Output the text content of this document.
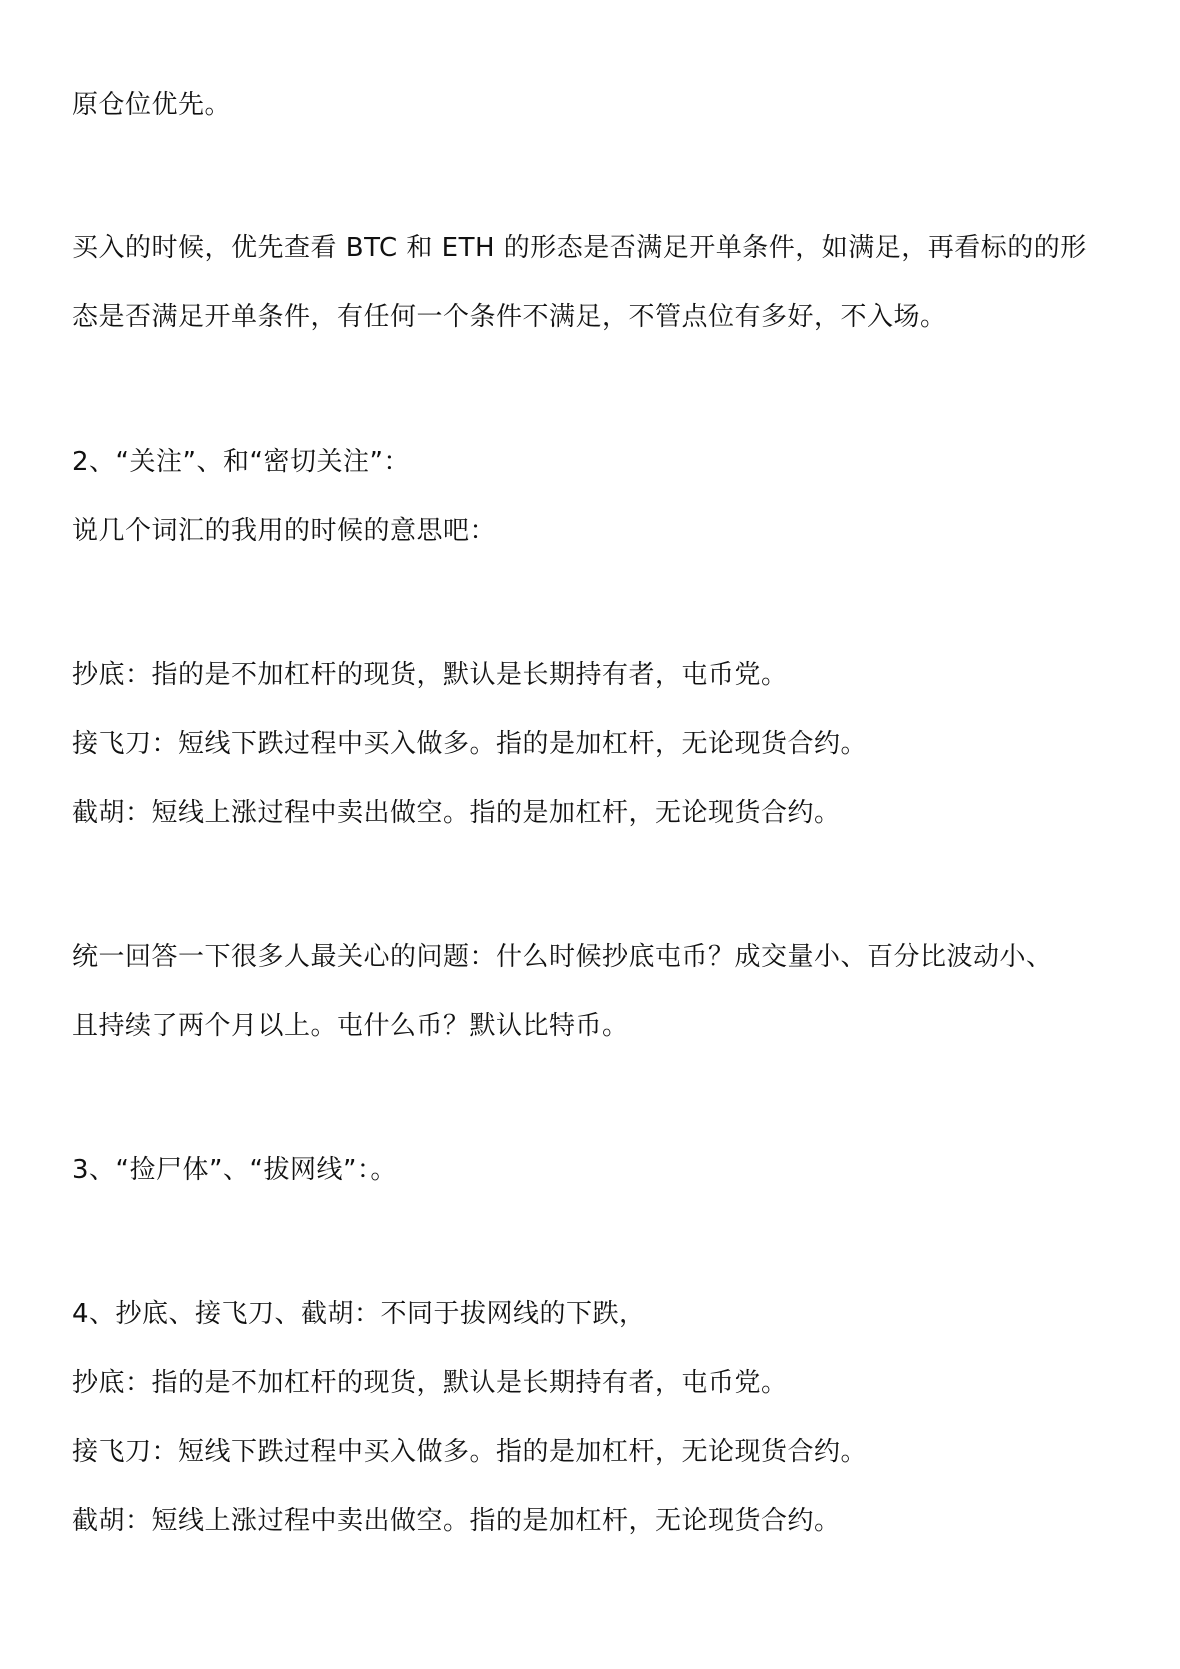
原仓位优先。

买入的时候，优先查看 BTC 和 ETH 的形态是否满足开单条件，如满足，再看标的的形

态是否满足开单条件，有任何一个条件不满足，不管点位有多好，不入场。

2、“关注”、和“密切关注”：

说几个词汇的我用的时候的意思吧：

抄底：指的是不加杠杆的现货，默认是长期持有者，屯币党。

接飞刀：短线下跌过程中买入做多。指的是加杠杆，无论现货合约。

截胡：短线上涨过程中卖出做空。指的是加杠杆，无论现货合约。

统一回答一下很多人最关心的问题：什么时候抄底屯币？成交量小、百分比波动小、

且持续了两个月以上。屯什么币？默认比特币。

3、“捡尸体”、“拔网线”：。

4、抄底、接飞刀、截胡：不同于拔网线的下跌，

抄底：指的是不加杠杆的现货，默认是长期持有者，屯币党。

接飞刀：短线下跌过程中买入做多。指的是加杠杆，无论现货合约。

截胡：短线上涨过程中卖出做空。指的是加杠杆，无论现货合约。
